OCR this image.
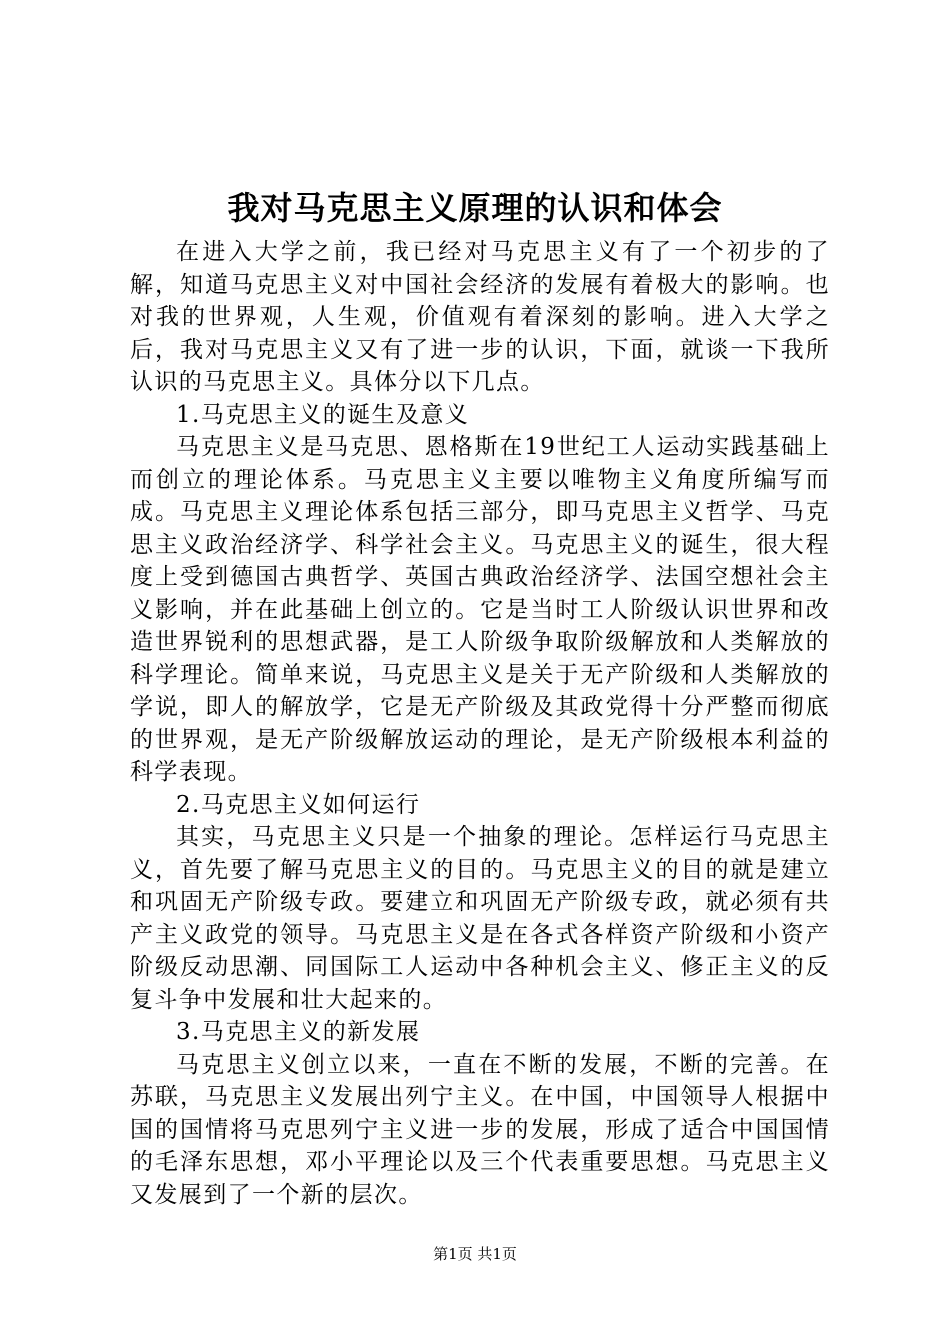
我对马克思主义原理的认识和体会

在进入大学之前，我已经对马克思主义有了一个初步的了解，知道马克思主义对中国社会经济的发展有着极大的影响。也对我的世界观，人生观，价值观有着深刻的影响。进入大学之后，我对马克思主义又有了进一步的认识，下面，就谈一下我所认识的马克思主义。具体分以下几点。

1.马克思主义的诞生及意义

马克思主义是马克思、恩格斯在19世纪工人运动实践基础上而创立的理论体系。马克思主义主要以唯物主义角度所编写而成。马克思主义理论体系包括三部分，即马克思主义哲学、马克思主义政治经济学、科学社会主义。马克思主义的诞生，很大程度上受到德国古典哲学、英国古典政治经济学、法国空想社会主义影响，并在此基础上创立的。它是当时工人阶级认识世界和改造世界锐利的思想武器，是工人阶级争取阶级解放和人类解放的科学理论。简单来说，马克思主义是关于无产阶级和人类解放的学说，即人的解放学，它是无产阶级及其政党得十分严整而彻底的世界观，是无产阶级解放运动的理论，是无产阶级根本利益的科学表现。

2.马克思主义如何运行

其实，马克思主义只是一个抽象的理论。怎样运行马克思主义，首先要了解马克思主义的目的。马克思主义的目的就是建立和巩固无产阶级专政。要建立和巩固无产阶级专政，就必须有共产主义政党的领导。马克思主义是在各式各样资产阶级和小资产阶级反动思潮、同国际工人运动中各种机会主义、修正主义的反复斗争中发展和壮大起来的。

3.马克思主义的新发展

马克思主义创立以来，一直在不断的发展，不断的完善。在苏联，马克思主义发展出列宁主义。在中国，中国领导人根据中国的国情将马克思列宁主义进一步的发展，形成了适合中国国情的毛泽东思想，邓小平理论以及三个代表重要思想。马克思主义又发展到了一个新的层次。

第1页 共1页
